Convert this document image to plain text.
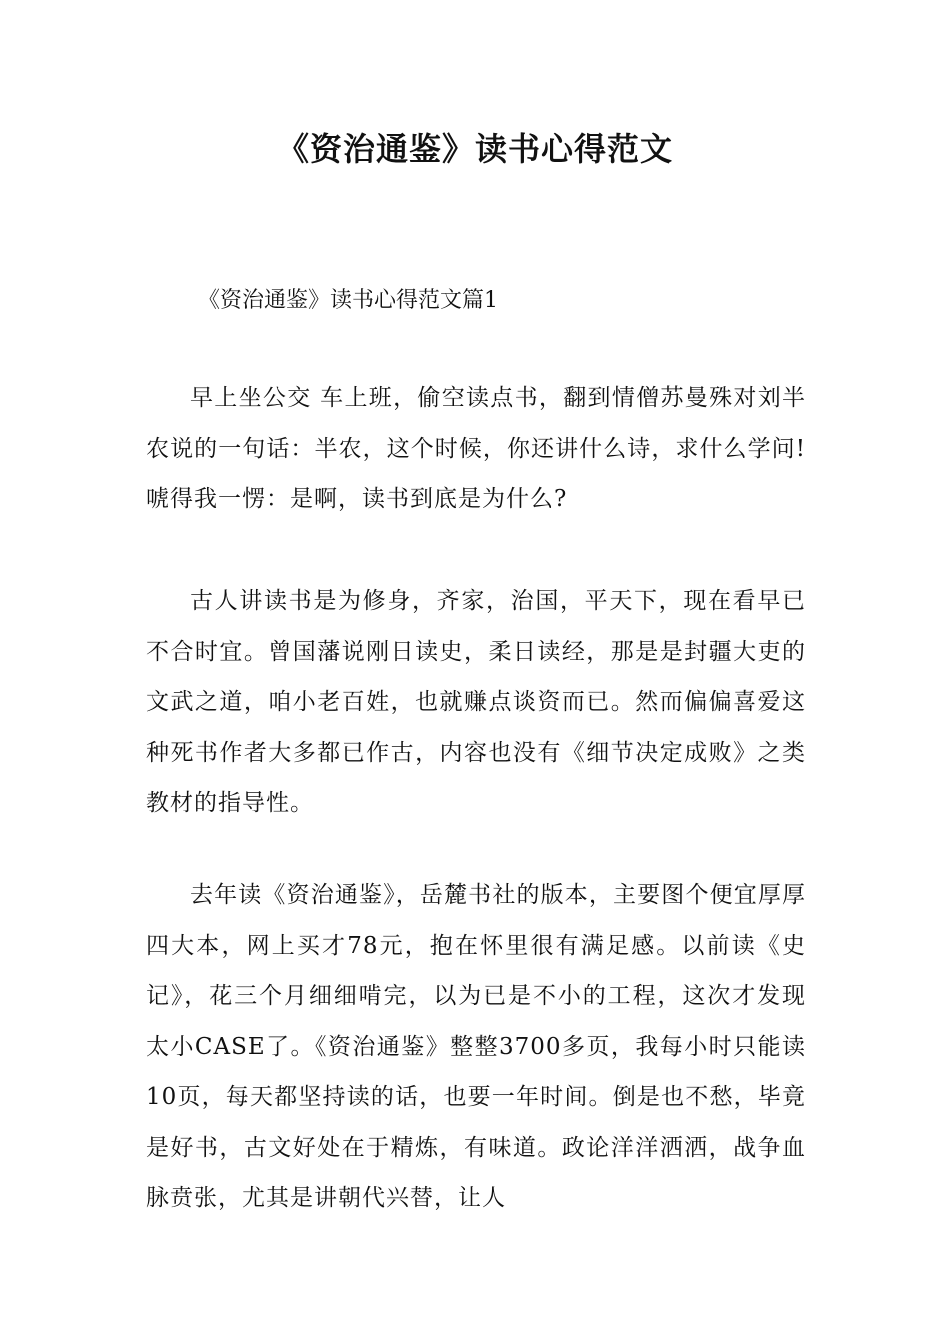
《资治通鉴》读书心得范文

《资治通鉴》读书心得范文篇1

早上坐公交 车上班，偷空读点书，翻到情僧苏曼殊对刘半农说的一句话：半农，这个时候，你还讲什么诗，求什么学问!唬得我一愣：是啊，读书到底是为什么?

古人讲读书是为修身，齐家，治国，平天下，现在看早已不合时宜。曾国藩说刚日读史，柔日读经，那是是封疆大吏的文武之道，咱小老百姓，也就赚点谈资而已。然而偏偏喜爱这种死书作者大多都已作古，内容也没有《细节决定成败》之类教材的指导性。

去年读《资治通鉴》，岳麓书社的版本，主要图个便宜厚厚四大本，网上买才78元，抱在怀里很有满足感。以前读《史记》，花三个月细细啃完，以为已是不小的工程，这次才发现太小CASE了。《资治通鉴》整整3700多页，我每小时只能读10页，每天都坚持读的话，也要一年时间。倒是也不愁，毕竟是好书，古文好处在于精炼，有味道。政论洋洋洒洒，战争血脉贲张，尤其是讲朝代兴替，让人
